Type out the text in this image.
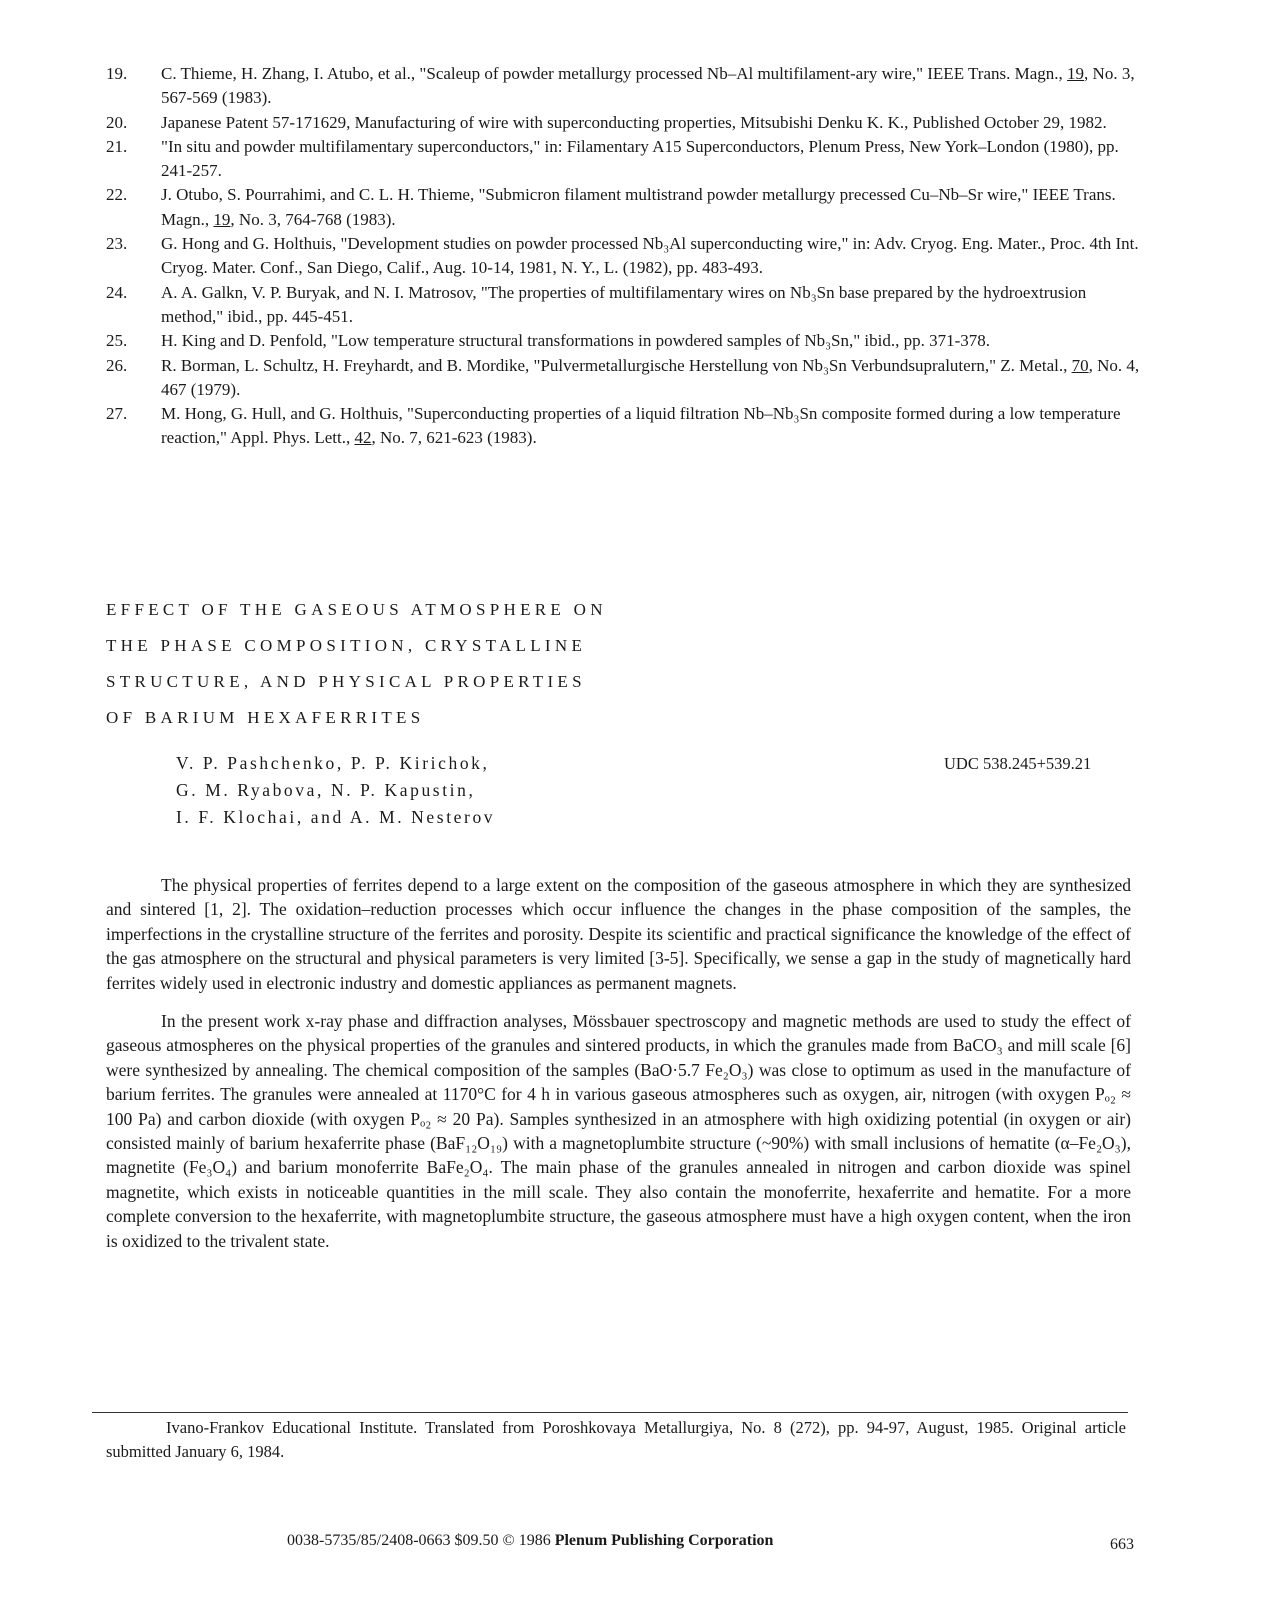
19.	C. Thieme, H. Zhang, I. Atubo, et al., "Scaleup of powder metallurgy processed Nb–Al multifilament-ary wire," IEEE Trans. Magn., 19, No. 3, 567-569 (1983).
20.	Japanese Patent 57-171629, Manufacturing of wire with superconducting properties, Mitsubishi Denku K. K., Published October 29, 1982.
21.	"In situ and powder multifilamentary superconductors," in: Filamentary A15 Superconductors, Plenum Press, New York–London (1980), pp. 241-257.
22.	J. Otubo, S. Pourrahimi, and C. L. H. Thieme, "Submicron filament multistrand powder metallurgy precessed Cu–Nb–Sr wire," IEEE Trans. Magn., 19, No. 3, 764-768 (1983).
23.	G. Hong and G. Holthuis, "Development studies on powder processed Nb₃Al superconducting wire," in: Adv. Cryog. Eng. Mater., Proc. 4th Int. Cryog. Mater. Conf., San Diego, Calif., Aug. 10-14, 1981, N. Y., L. (1982), pp. 483-493.
24.	A. A. Galkn, V. P. Buryak, and N. I. Matrosov, "The properties of multifilamentary wires on Nb₃Sn base prepared by the hydroextrusion method," ibid., pp. 445-451.
25.	H. King and D. Penfold, "Low temperature structural transformations in powdered samples of Nb₃Sn," ibid., pp. 371-378.
26.	R. Borman, L. Schultz, H. Freyhardt, and B. Mordike, "Pulvermetallurgische Herstellung von Nb₃Sn Verbundsupralutern," Z. Metal., 70, No. 4, 467 (1979).
27.	M. Hong, G. Hull, and G. Holthuis, "Superconducting properties of a liquid filtration Nb–Nb₃Sn composite formed during a low temperature reaction," Appl. Phys. Lett., 42, No. 7, 621-623 (1983).
EFFECT OF THE GASEOUS ATMOSPHERE ON
THE PHASE COMPOSITION, CRYSTALLINE
STRUCTURE, AND PHYSICAL PROPERTIES
OF BARIUM HEXAFERRITES
V. P. Pashchenko, P. P. Kirichok,
G. M. Ryabova, N. P. Kapustin,
I. F. Klochai, and A. M. Nesterov
UDC 538.245+539.21

The physical properties of ferrites depend to a large extent on the composition of the gaseous atmosphere in which they are synthesized and sintered [1, 2]. The oxidation–reduction processes which occur influence the changes in the phase composition of the samples, the imperfections in the crystalline structure of the ferrites and porosity. Despite its scientific and practical significance the knowledge of the effect of the gas atmosphere on the structural and physical parameters is very limited [3-5]. Specifically, we sense a gap in the study of magnetically hard ferrites widely used in electronic industry and domestic appliances as permanent magnets.

In the present work x-ray phase and diffraction analyses, Mössbauer spectroscopy and magnetic methods are used to study the effect of gaseous atmospheres on the physical properties of the granules and sintered products, in which the granules made from BaCO₃ and mill scale [6] were synthesized by annealing. The chemical composition of the samples (BaO·5.7 Fe₂O₃) was close to optimum as used in the manufacture of barium ferrites. The granules were annealed at 1170°C for 4 h in various gaseous atmospheres such as oxygen, air, nitrogen (with oxygen Pₒ₂ ≈ 100 Pa) and carbon dioxide (with oxygen Pₒ₂ ≈ 20 Pa). Samples synthesized in an atmosphere with high oxidizing potential (in oxygen or air) consisted mainly of barium hexaferrite phase (BaF₁₂O₁₉) with a magnetoplumbite structure (~90%) with small inclusions of hematite (α–Fe₂O₃), magnetite (Fe₃O₄) and barium monoferrite BaFe₂O₄. The main phase of the granules annealed in nitrogen and carbon dioxide was spinel magnetite, which exists in noticeable quantities in the mill scale. They also contain the monoferrite, hexaferrite and hematite. For a more complete conversion to the hexaferrite, with magnetoplumbite structure, the gaseous atmosphere must have a high oxygen content, when the iron is oxidized to the trivalent state.

Ivano-Frankov Educational Institute. Translated from Poroshkovaya Metallurgiya, No. 8 (272), pp. 94-97, August, 1985. Original article submitted January 6, 1984.
0038-5735/85/2408-0663 $09.50 © 1986 Plenum Publishing Corporation	663
